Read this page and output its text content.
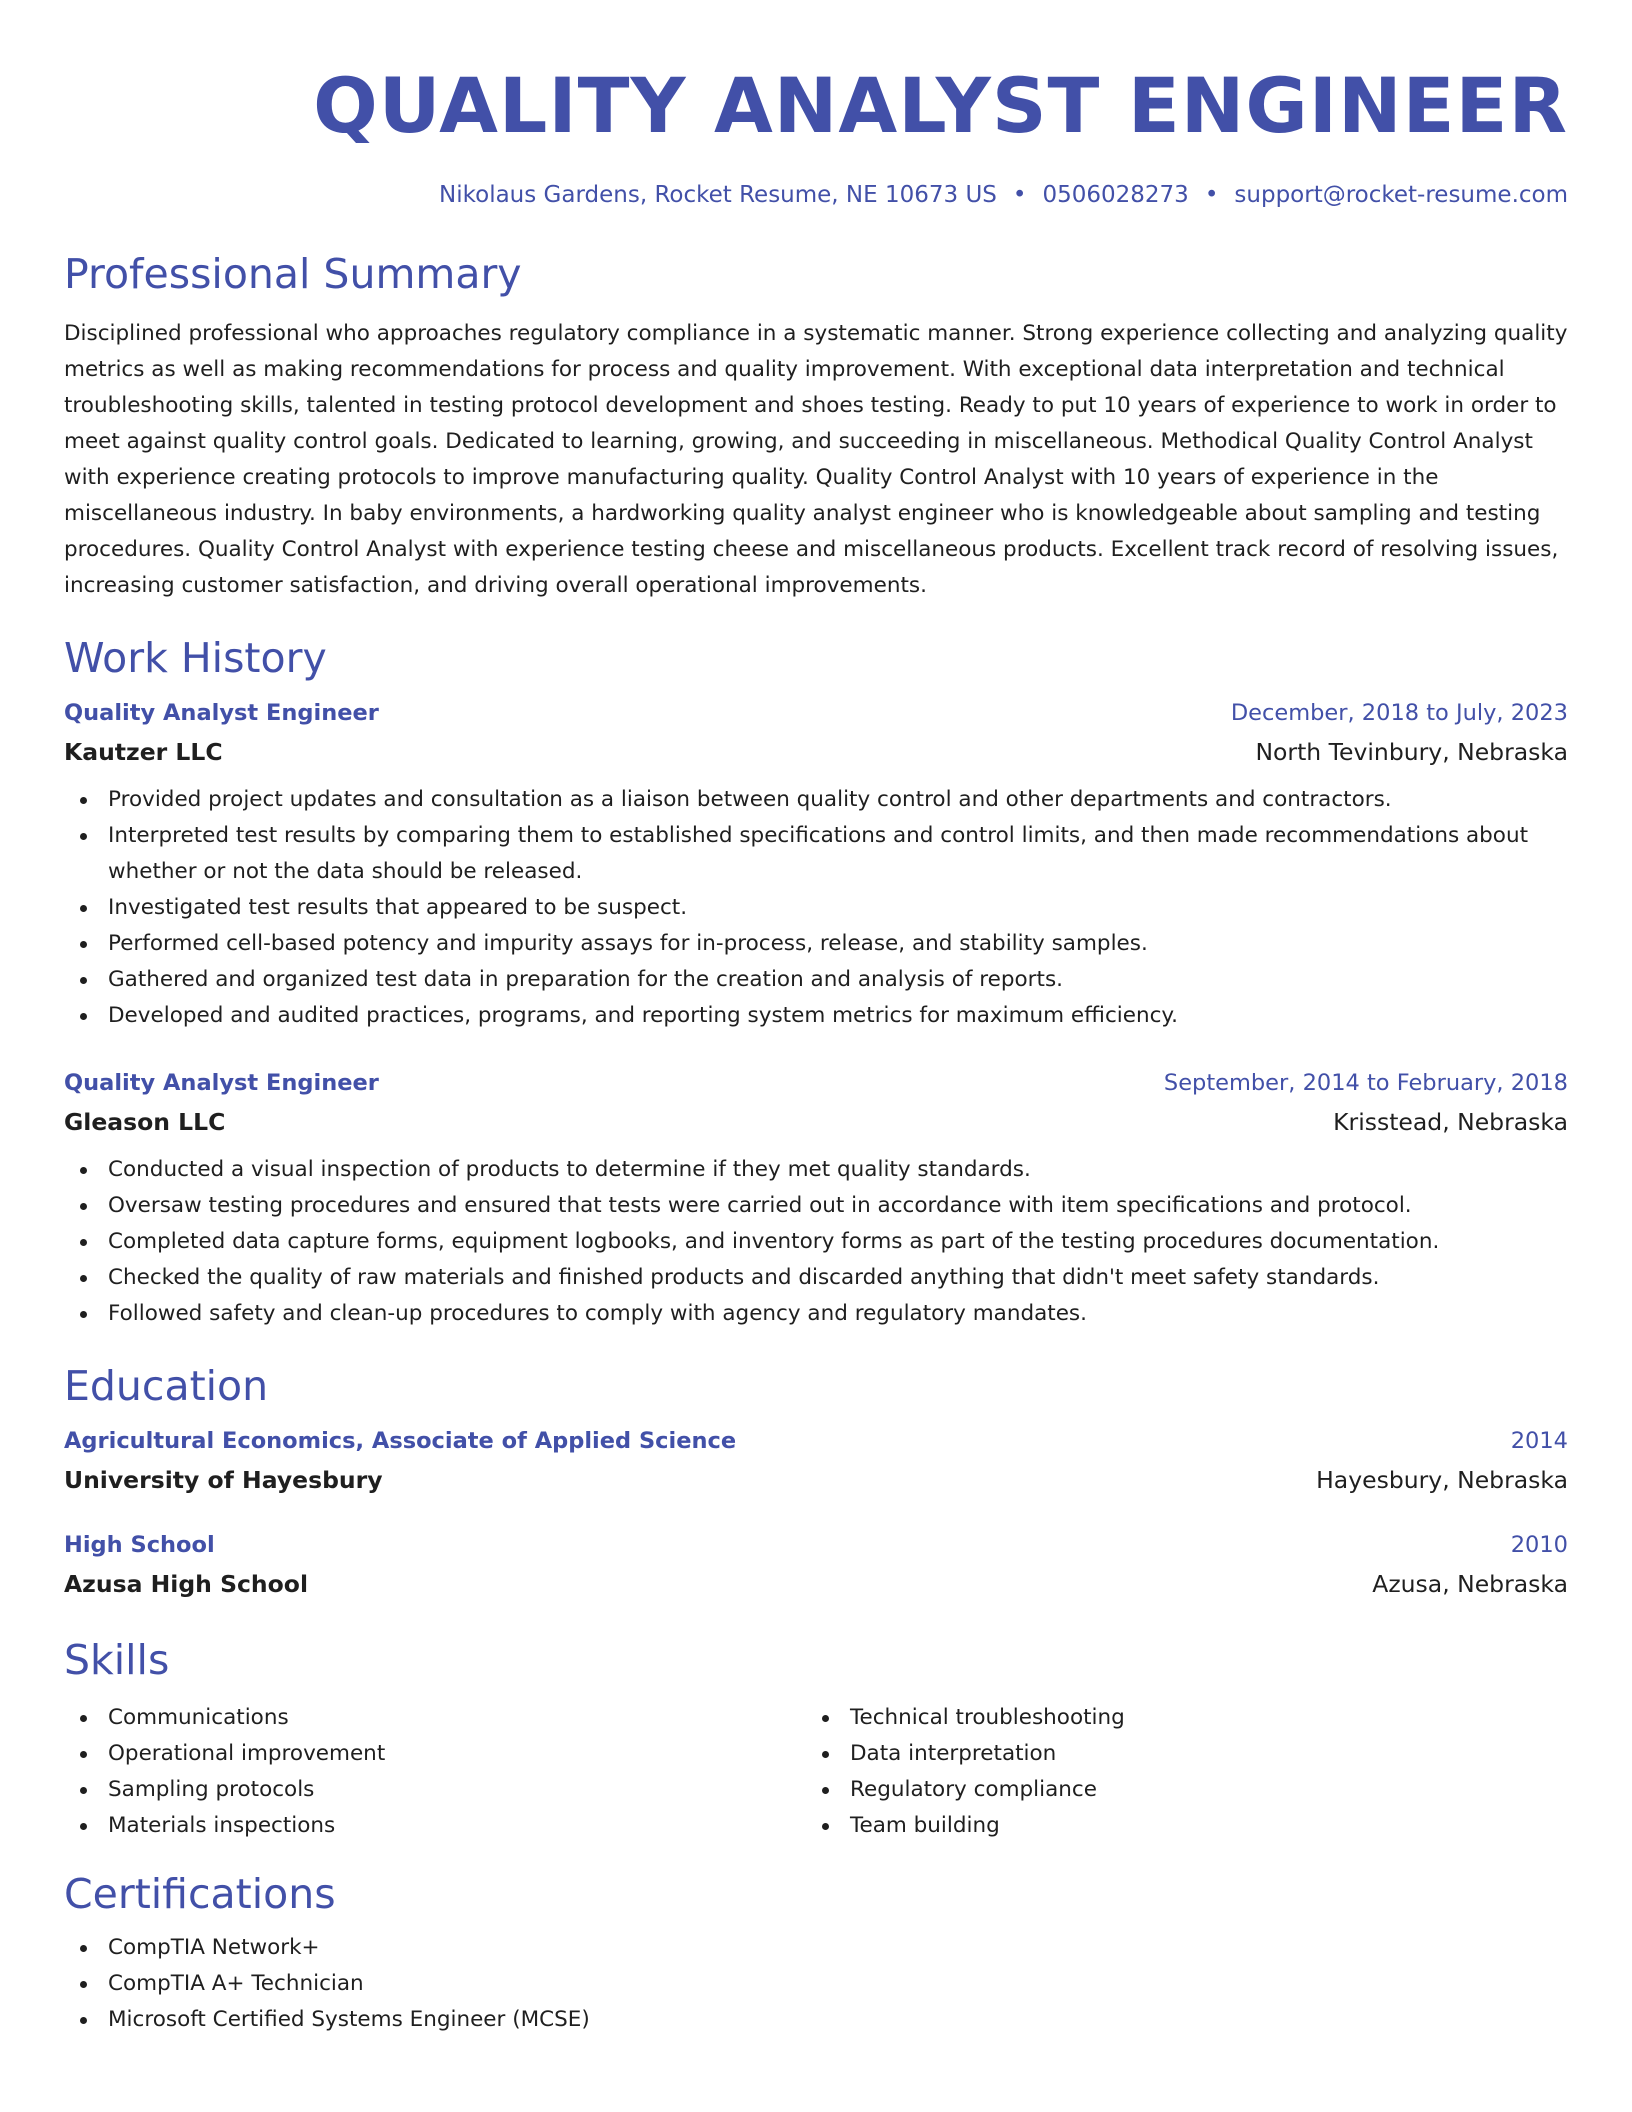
QUALITY ANALYST ENGINEER
Nikolaus Gardens, Rocket Resume, NE 10673 US • 0506028273 • support@rocket-resume.com
Professional Summary

Disciplined professional who approaches regulatory compliance in a systematic manner. Strong experience collecting and analyzing quality metrics as well as making recommendations for process and quality improvement. With exceptional data interpretation and technical troubleshooting skills, talented in testing protocol development and shoes testing. Ready to put 10 years of experience to work in order to meet against quality control goals. Dedicated to learning, growing, and succeeding in miscellaneous. Methodical Quality Control Analyst with experience creating protocols to improve manufacturing quality. Quality Control Analyst with 10 years of experience in the miscellaneous industry. In baby environments, a hardworking quality analyst engineer who is knowledgeable about sampling and testing procedures. Quality Control Analyst with experience testing cheese and miscellaneous products. Excellent track record of resolving issues, increasing customer satisfaction, and driving overall operational improvements.

Work History
Quality Analyst Engineer	December, 2018 to July, 2023
Kautzer LLC	North Tevinbury, Nebraska
Provided project updates and consultation as a liaison between quality control and other departments and contractors.
Interpreted test results by comparing them to established specifications and control limits, and then made recommendations about whether or not the data should be released.
Investigated test results that appeared to be suspect.
Performed cell-based potency and impurity assays for in-process, release, and stability samples.
Gathered and organized test data in preparation for the creation and analysis of reports.
Developed and audited practices, programs, and reporting system metrics for maximum efficiency.
Quality Analyst Engineer	September, 2014 to February, 2018
Gleason LLC	Krisstead, Nebraska
Conducted a visual inspection of products to determine if they met quality standards.
Oversaw testing procedures and ensured that tests were carried out in accordance with item specifications and protocol.
Completed data capture forms, equipment logbooks, and inventory forms as part of the testing procedures documentation.
Checked the quality of raw materials and finished products and discarded anything that didn't meet safety standards.
Followed safety and clean-up procedures to comply with agency and regulatory mandates.
Education
Agricultural Economics, Associate of Applied Science	2014
University of Hayesbury	Hayesbury, Nebraska
High School	2010
Azusa High School	Azusa, Nebraska
Skills
Communications
Operational improvement
Sampling protocols
Materials inspections
Technical troubleshooting
Data interpretation
Regulatory compliance
Team building
Certifications
CompTIA Network+
CompTIA A+ Technician
Microsoft Certified Systems Engineer (MCSE)
